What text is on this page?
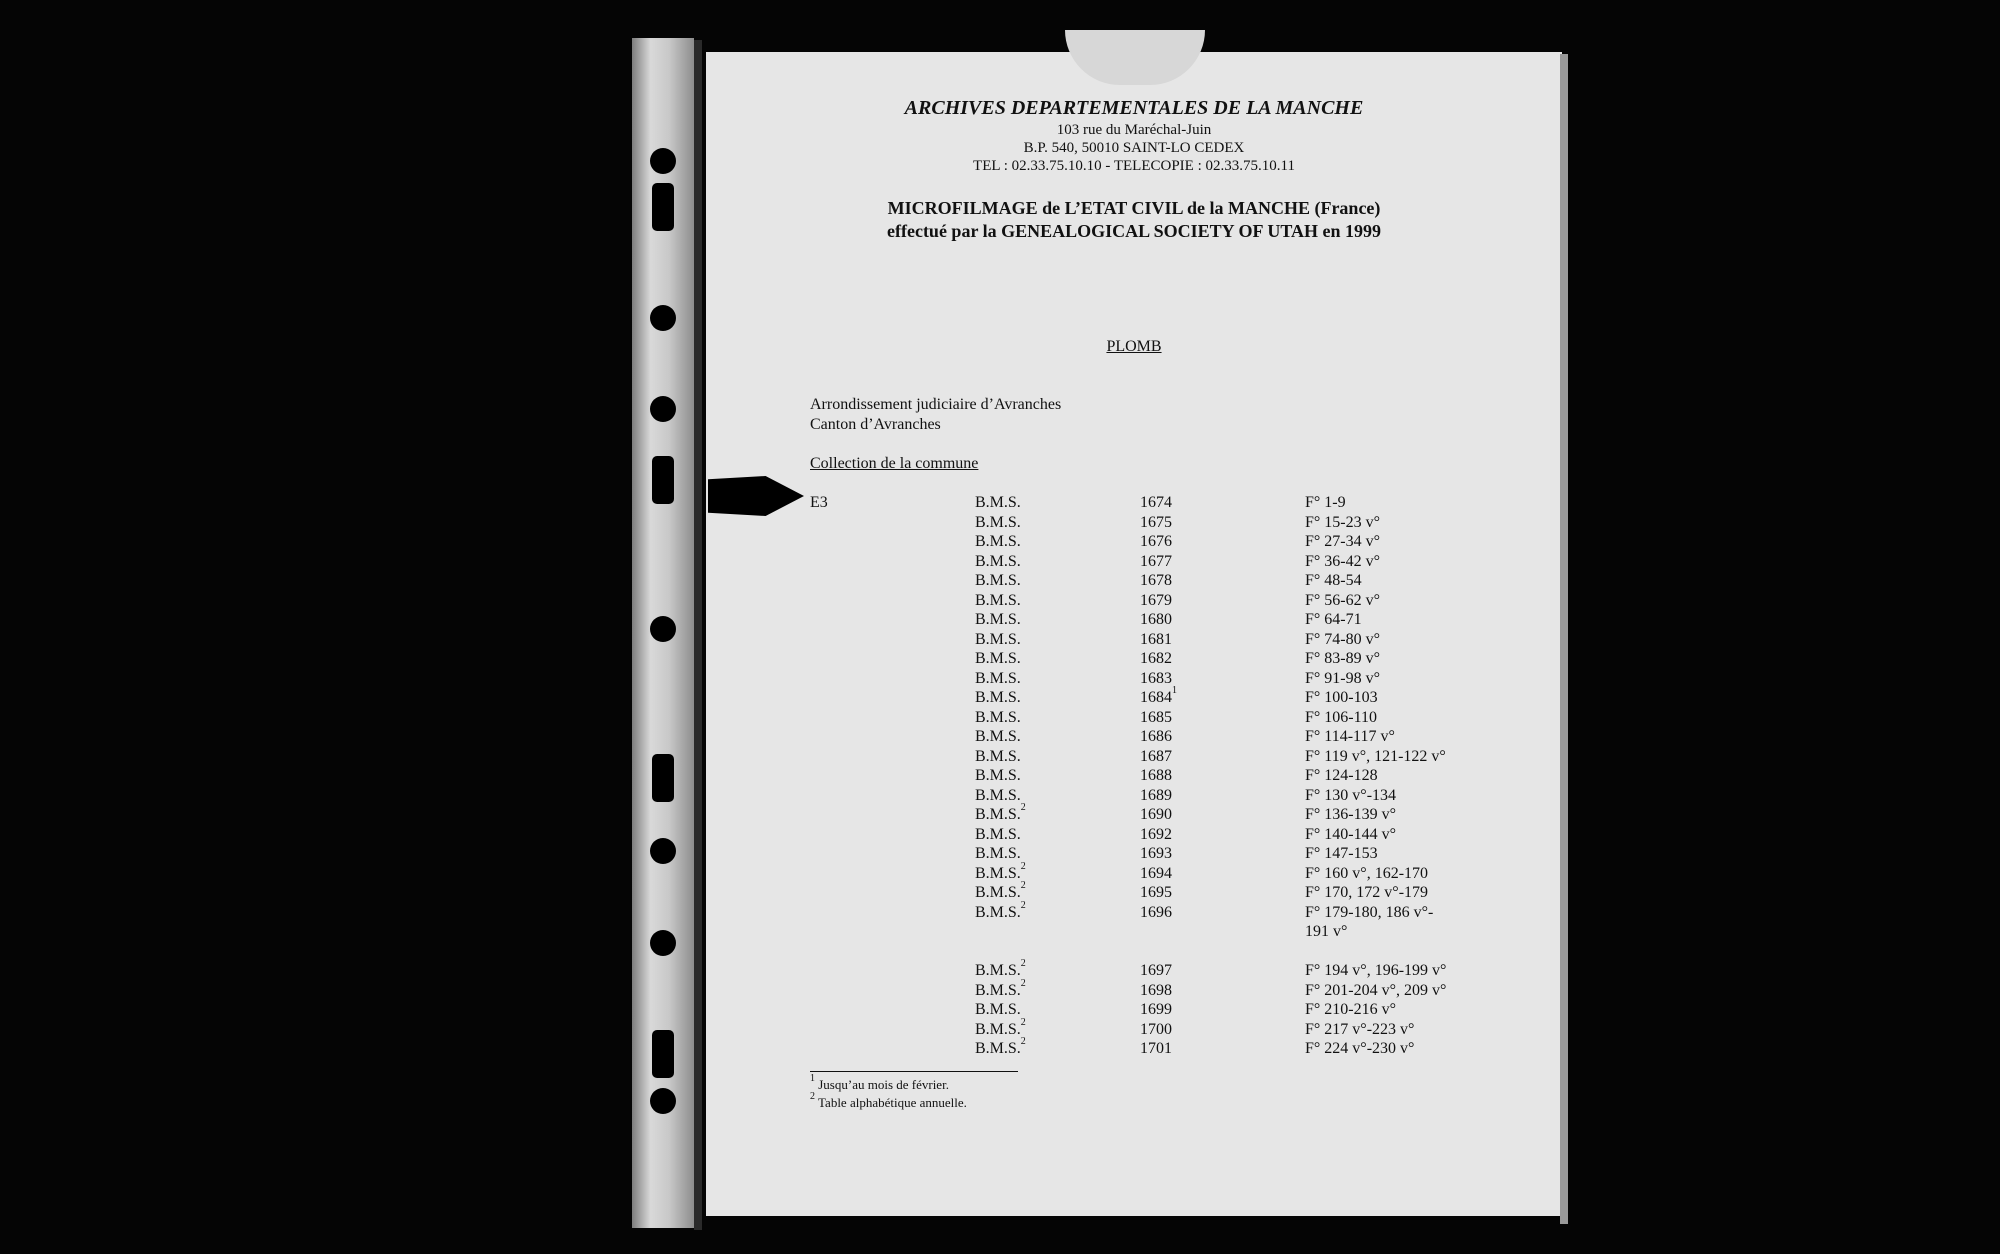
ARCHIVES DEPARTEMENTALES DE LA MANCHE
103 rue du Maréchal-Juin
B.P. 540, 50010 SAINT-LO CEDEX
TEL : 02.33.75.10.10 - TELECOPIE : 02.33.75.10.11
MICROFILMAGE de L’ETAT CIVIL de la MANCHE (France)
effectué par la GENEALOGICAL SOCIETY OF UTAH en 1999
PLOMB
Arrondissement judiciaire d’Avranches
Canton d’Avranches
Collection de la commune
E3	B.M.S.	1674	F° 1-9
B.M.S.	1675	F° 15-23 v°
B.M.S.	1676	F° 27-34 v°
B.M.S.	1677	F° 36-42 v°
B.M.S.	1678	F° 48-54
B.M.S.	1679	F° 56-62 v°
B.M.S.	1680	F° 64-71
B.M.S.	1681	F° 74-80 v°
B.M.S.	1682	F° 83-89 v°
B.M.S.	1683	F° 91-98 v°
B.M.S.	1684$^1$	F° 100-103
B.M.S.	1685	F° 106-110
B.M.S.	1686	F° 114-117 v°
B.M.S.	1687	F° 119 v°, 121-122 v°
B.M.S.	1688	F° 124-128
B.M.S.	1689	F° 130 v°-134
B.M.S.$^2$	1690	F° 136-139 v°
B.M.S.	1692	F° 140-144 v°
B.M.S.	1693	F° 147-153
B.M.S.$^2$	1694	F° 160 v°, 162-170
B.M.S.$^2$	1695	F° 170, 172 v°-179
B.M.S.$^2$	1696	F° 179-180, 186 v°-
191 v°
B.M.S.$^2$	1697	F° 194 v°, 196-199 v°
B.M.S.$^2$	1698	F° 201-204 v°, 209 v°
B.M.S.	1699	F° 210-216 v°
B.M.S.$^2$	1700	F° 217 v°-223 v°
B.M.S.$^2$	1701	F° 224 v°-230 v°
$^1$ Jusqu’au mois de février.
$^2$ Table alphabétique annuelle.
